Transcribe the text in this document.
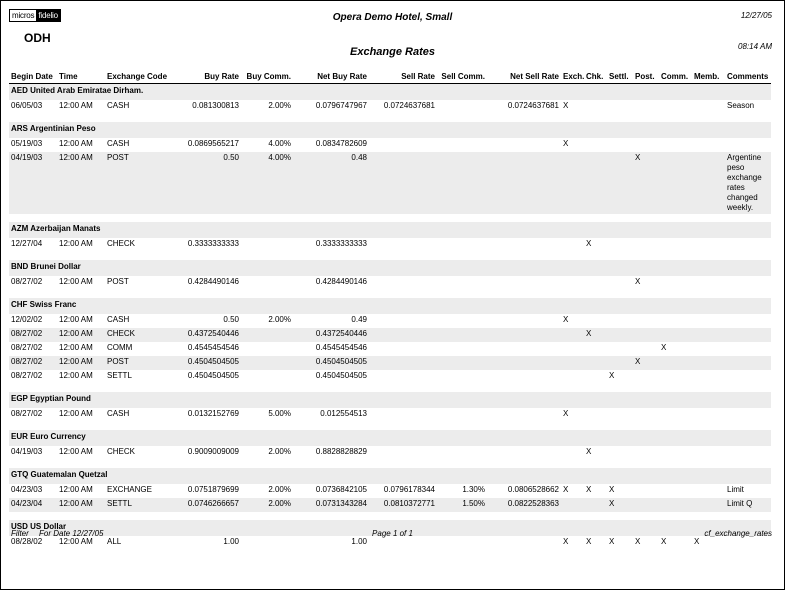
micros fidelio
ODH
Opera Demo Hotel, Small	12/27/05
Exchange Rates	08:14 AM
Begin Date	Time	Exchange Code	Buy Rate	Buy Comm.	Net Buy Rate	Sell Rate	Sell Comm.	Net Sell Rate	Exch.	Chk.	Settl.	Post.	Comm.	Memb.	Comments
AED United Arab Emiratae Dirham.															
06/05/03	12:00 AM	CASH	0.081300813	2.00%	0.0796747967	0.0724637681		0.0724637681	X						Season

ARS Argentinian Peso															
05/19/03	12:00 AM	CASH	0.0869565217	4.00%	0.0834782609				X						
04/19/03	12:00 AM	POST	0.50	4.00%	0.48							X			Argentine peso exchange rates changed weekly.

AZM Azerbaijan Manats															
12/27/04	12:00 AM	CHECK	0.3333333333		0.3333333333					X					

BND Brunei Dollar															
08/27/02	12:00 AM	POST	0.4284490146		0.4284490146							X			

CHF Swiss Franc															
12/02/02	12:00 AM	CASH	0.50	2.00%	0.49				X						
08/27/02	12:00 AM	CHECK	0.4372540446		0.4372540446					X					
08/27/02	12:00 AM	COMM	0.4545454546		0.4545454546								X		
08/27/02	12:00 AM	POST	0.4504504505		0.4504504505							X			
08/27/02	12:00 AM	SETTL	0.4504504505		0.4504504505						X				

EGP Egyptian Pound															
08/27/02	12:00 AM	CASH	0.0132152769	5.00%	0.012554513				X						

EUR Euro Currency															
04/19/03	12:00 AM	CHECK	0.9009009009	2.00%	0.8828828829					X					

GTQ Guatemalan Quetzal															
04/23/03	12:00 AM	EXCHANGE	0.0751879699	2.00%	0.0736842105	0.0796178344	1.30%	0.0806528662	X	X	X				Limit
04/23/04	12:00 AM	SETTL	0.0746266657	2.00%	0.0731343284	0.0810372771	1.50%	0.0822528363			X				Limit Q

USD US Dollar															
08/28/02	12:00 AM	ALL	1.00		1.00				X	X	X	X	X	X	
Filter For Date 12/27/05	Page 1 of 1	cf_exchange_rates
